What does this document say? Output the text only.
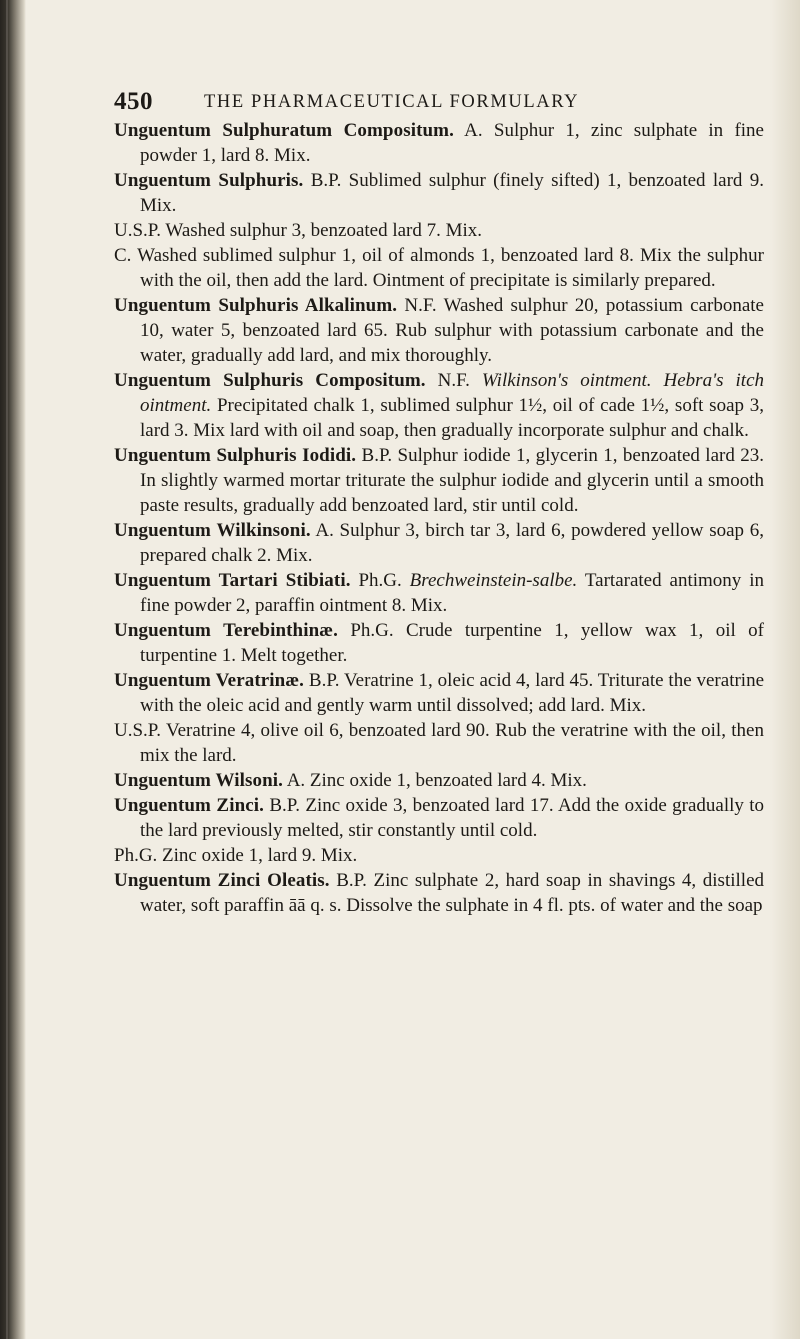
450	THE PHARMACEUTICAL FORMULARY

Unguentum Sulphuratum Compositum. A. Sulphur 1, zinc sulphate in fine powder 1, lard 8. Mix.

Unguentum Sulphuris. B.P. Sublimed sulphur (finely sifted) 1, benzoated lard 9. Mix.

U.S.P. Washed sulphur 3, benzoated lard 7. Mix.

C. Washed sublimed sulphur 1, oil of almonds 1, benzoated lard 8. Mix the sulphur with the oil, then add the lard. Ointment of precipitate is similarly prepared.

Unguentum Sulphuris Alkalinum. N.F. Washed sulphur 20, potassium carbonate 10, water 5, benzoated lard 65. Rub sulphur with potassium carbonate and the water, gradually add lard, and mix thoroughly.

Unguentum Sulphuris Compositum. N.F. Wilkinson's ointment. Hebra's itch ointment. Precipitated chalk 1, sublimed sulphur 1½, oil of cade 1½, soft soap 3, lard 3. Mix lard with oil and soap, then gradually incorporate sulphur and chalk.

Unguentum Sulphuris Iodidi. B.P. Sulphur iodide 1, glycerin 1, benzoated lard 23. In slightly warmed mortar triturate the sulphur iodide and glycerin until a smooth paste results, gradually add benzoated lard, stir until cold.

Unguentum Wilkinsoni. A. Sulphur 3, birch tar 3, lard 6, powdered yellow soap 6, prepared chalk 2. Mix.

Unguentum Tartari Stibiati. Ph.G. Brechweinstein-salbe. Tartarated antimony in fine powder 2, paraffin ointment 8. Mix.

Unguentum Terebinthinæ. Ph.G. Crude turpentine 1, yellow wax 1, oil of turpentine 1. Melt together.

Unguentum Veratrinæ. B.P. Veratrine 1, oleic acid 4, lard 45. Triturate the veratrine with the oleic acid and gently warm until dissolved; add lard. Mix.

U.S.P. Veratrine 4, olive oil 6, benzoated lard 90. Rub the veratrine with the oil, then mix the lard.

Unguentum Wilsoni. A. Zinc oxide 1, benzoated lard 4. Mix.

Unguentum Zinci. B.P. Zinc oxide 3, benzoated lard 17. Add the oxide gradually to the lard previously melted, stir constantly until cold.

Ph.G. Zinc oxide 1, lard 9. Mix.

Unguentum Zinci Oleatis. B.P. Zinc sulphate 2, hard soap in shavings 4, distilled water, soft paraffin āā q. s. Dissolve the sulphate in 4 fl. pts. of water and the soap
